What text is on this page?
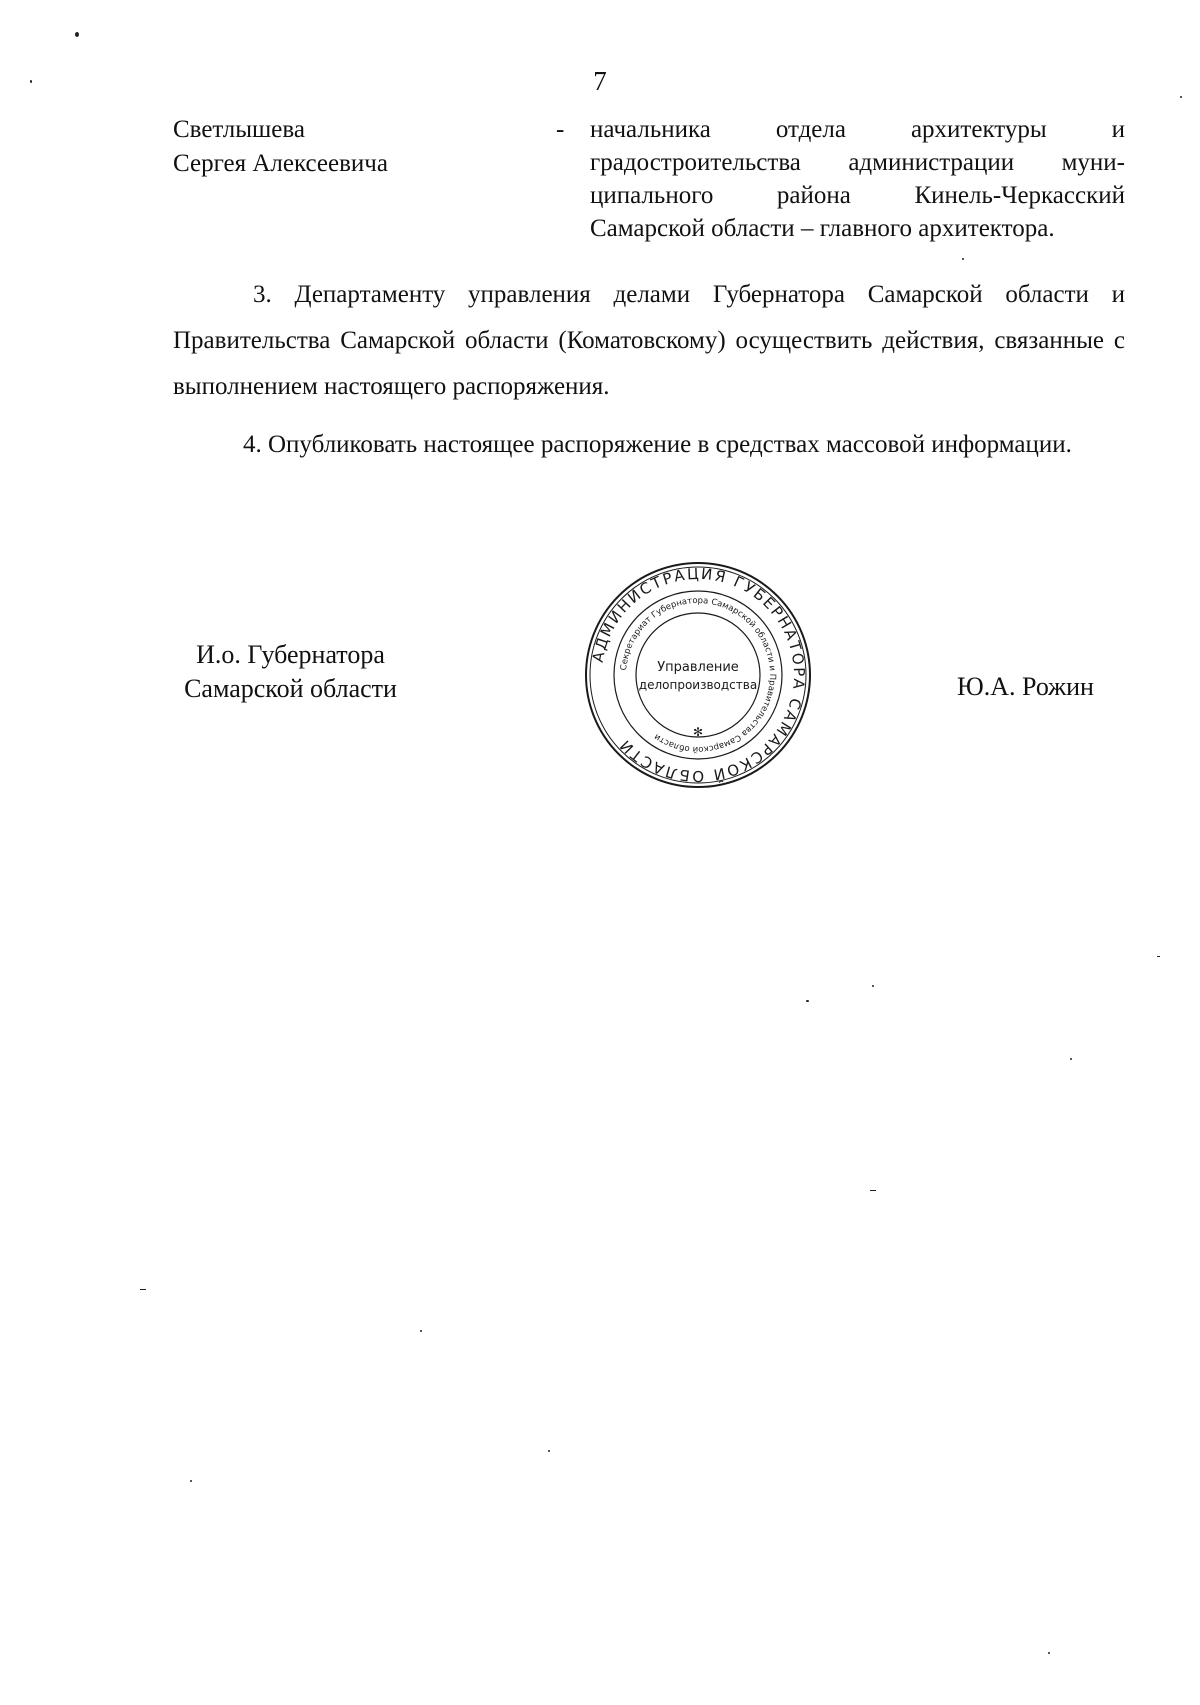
7
Светлышева
Сергея Алексеевича
- начальника отдела архитектуры и
градостроительства администрации муни-
ципального района Кинель-Черкасский
Самарской области – главного архитектора.
3. Департаменту управления делами Губернатора Самарской области и Правительства Самарской области (Коматовскому) осуществить действия, связанные с выполнением настоящего распоряжения.
4. Опубликовать настоящее распоряжение в средствах массовой информации.
И.о. Губернатора
Самарской области
АДМИНИСТРАЦИЯ ГУБЕРНАТОРА САМАРСКОЙ ОБЛАСТИ
Секретариат Губернатора Самарской области и Правительства Самарской области
Управление
делопроизводства
✻
Ю.А. Рожин
